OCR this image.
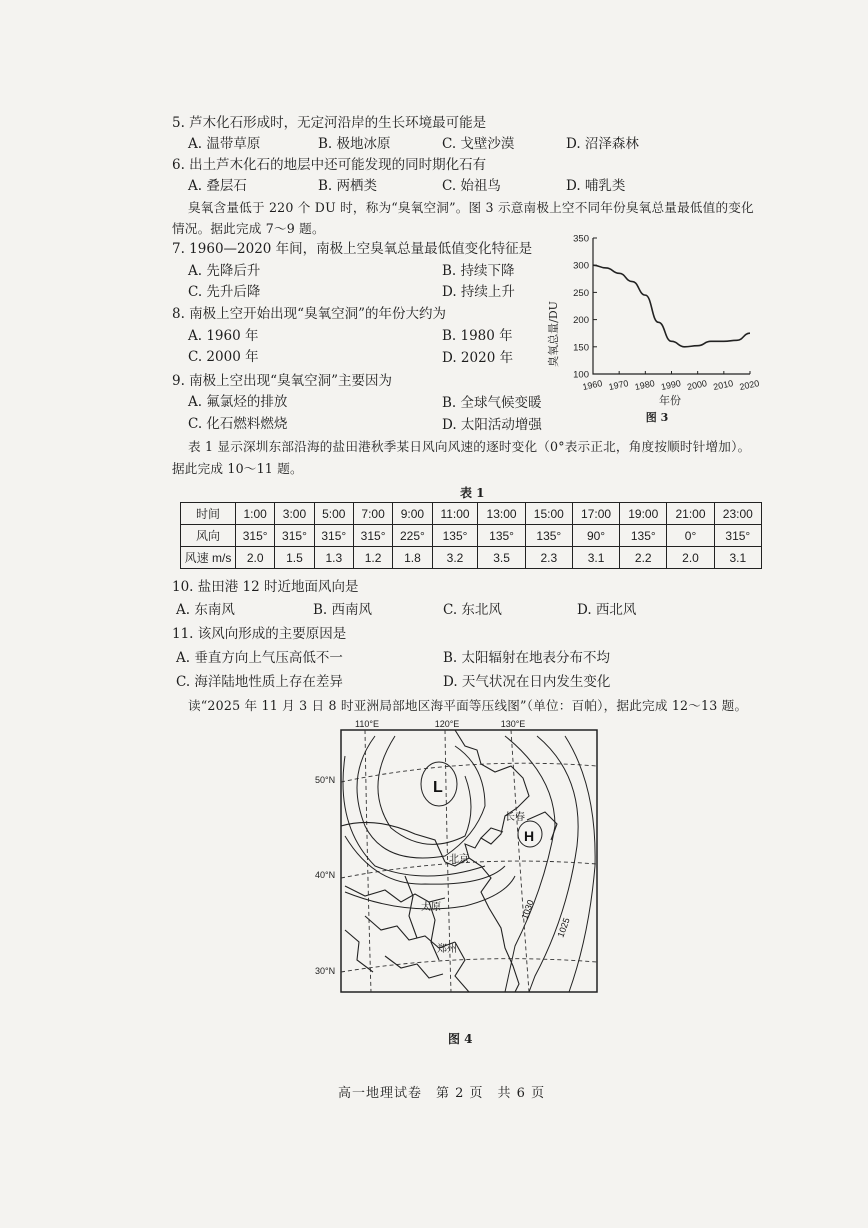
5. 芦木化石形成时，无定河沿岸的生长环境最可能是
A. 温带草原	B. 极地冰原	C. 戈壁沙漠	D. 沼泽森林
6. 出土芦木化石的地层中还可能发现的同时期化石有
A. 叠层石	B. 两栖类	C. 始祖鸟	D. 哺乳类
臭氧含量低于 220 个 DU 时，称为“臭氧空洞”。图 3 示意南极上空不同年份臭氧总量最低值的变化
情况。据此完成 7～9 题。
7. 1960—2020 年间，南极上空臭氧总量最低值变化特征是
A. 先降后升	B. 持续下降
C. 先升后降	D. 持续上升
8. 南极上空开始出现“臭氧空洞”的年份大约为
A. 1960 年	B. 1980 年
C. 2000 年	D. 2020 年
9. 南极上空出现“臭氧空洞”主要因为
A. 氟氯烃的排放	B. 全球气候变暖
C. 化石燃料燃烧	D. 太阳活动增强
100
150
200
250
300
350
1960 1970 1980 1990 2000 2010 2020
臭氧总量/DU
年份
图 3
表 1 显示深圳东部沿海的盐田港秋季某日风向风速的逐时变化（0°表示正北，角度按顺时针增加）。
据此完成 10～11 题。
表 1
时间	1:00	3:00	5:00	7:00	9:00	11:00	13:00	15:00	17:00	19:00	21:00	23:00
风向	315°	315°	315°	315°	225°	135°	135°	135°	90°	135°	0°	315°
风速 m/s	2.0	1.5	1.3	1.2	1.8	3.2	3.5	2.3	3.1	2.2	2.0	3.1
10. 盐田港 12 时近地面风向是
A. 东南风	B. 西南风	C. 东北风	D. 西北风
11. 该风向形成的主要原因是
A. 垂直方向上气压高低不一	B. 太阳辐射在地表分布不均
C. 海洋陆地性质上存在差异	D. 天气状况在日内发生变化
读“2025 年 11 月 3 日 8 时亚洲局部地区海平面等压线图”（单位：百帕），据此完成 12～13 题。
110°E	120°E	130°E
50°N
40°N
30°N
L
H
1030
1025
长春
北京
太原
郑州
图 4
高一地理试卷　第 2 页　共 6 页
